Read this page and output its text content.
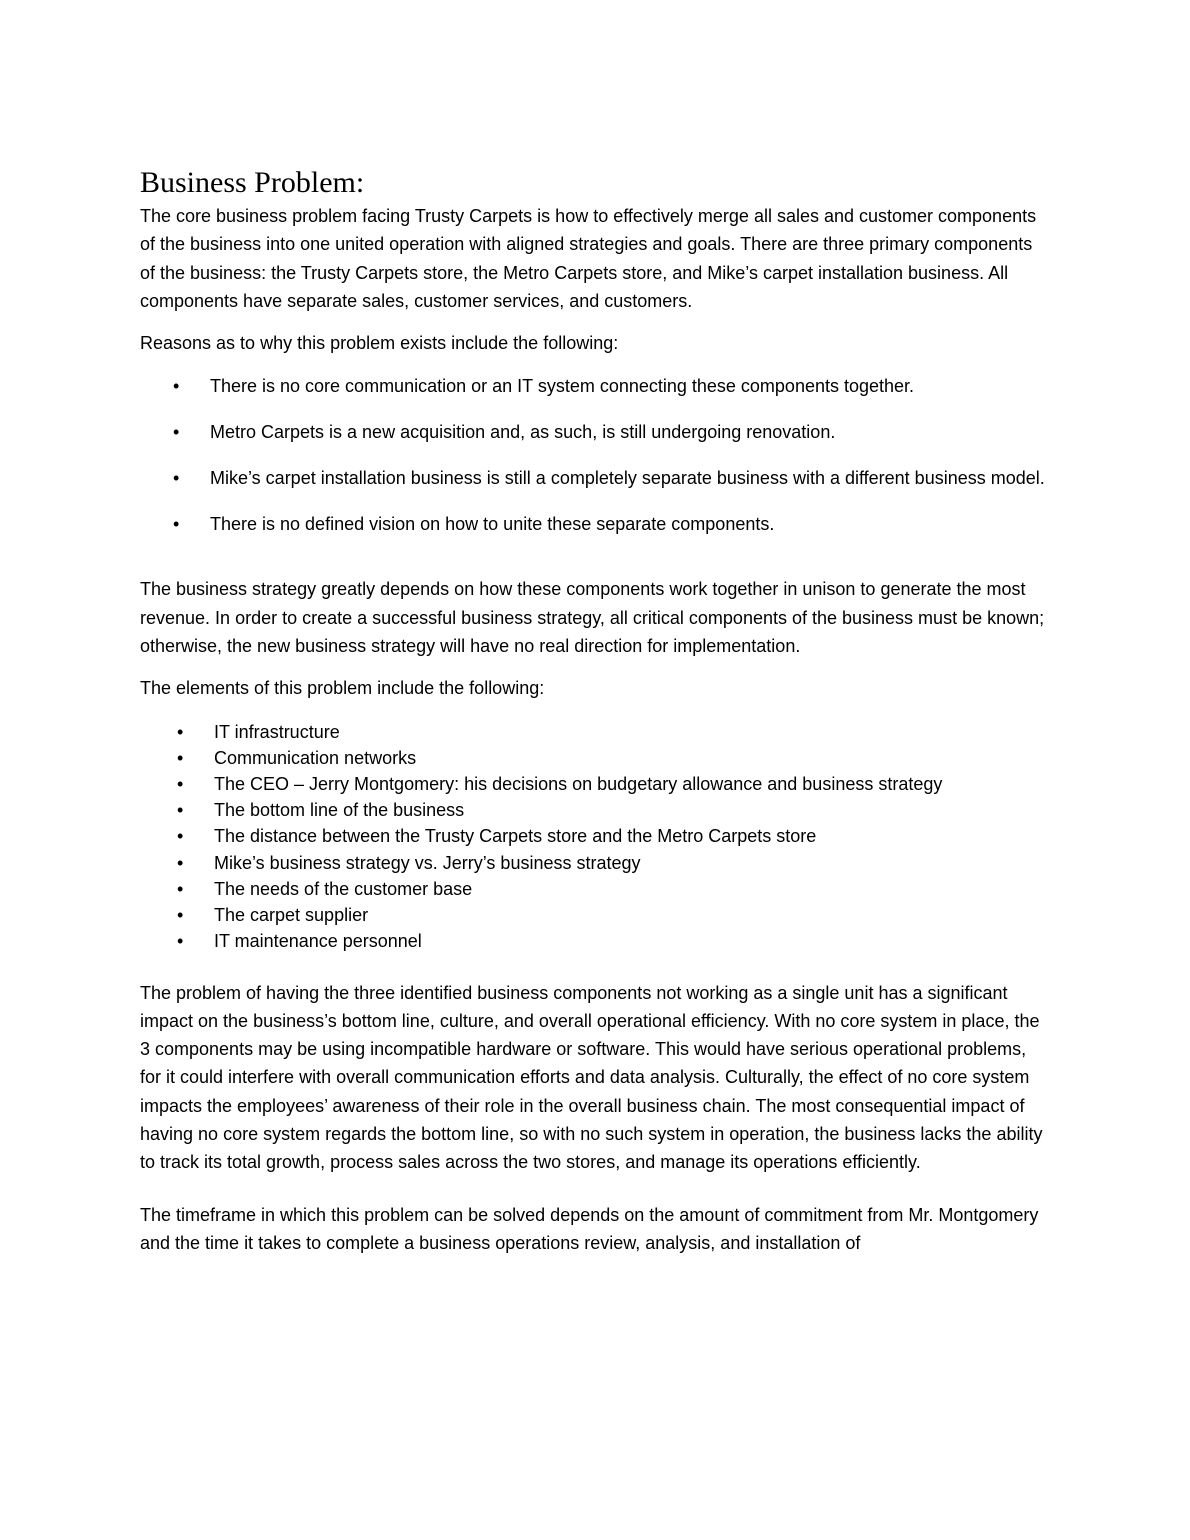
Business Problem:

The core business problem facing Trusty Carpets is how to effectively merge all sales and customer components of the business into one united operation with aligned strategies and goals. There are three primary components of the business: the Trusty Carpets store, the Metro Carpets store, and Mike’s carpet installation business. All components have separate sales, customer services, and customers.

Reasons as to why this problem exists include the following:

• There is no core communication or an IT system connecting these components together.
• Metro Carpets is a new acquisition and, as such, is still undergoing renovation.
• Mike’s carpet installation business is still a completely separate business with a different business model.
• There is no defined vision on how to unite these separate components.

The business strategy greatly depends on how these components work together in unison to generate the most revenue. In order to create a successful business strategy, all critical components of the business must be known; otherwise, the new business strategy will have no real direction for implementation.

The elements of this problem include the following:

• IT infrastructure
• Communication networks
• The CEO – Jerry Montgomery: his decisions on budgetary allowance and business strategy
• The bottom line of the business
• The distance between the Trusty Carpets store and the Metro Carpets store
• Mike’s business strategy vs. Jerry’s business strategy
• The needs of the customer base
• The carpet supplier
• IT maintenance personnel

The problem of having the three identified business components not working as a single unit has a significant impact on the business’s bottom line, culture, and overall operational efficiency. With no core system in place, the 3 components may be using incompatible hardware or software. This would have serious operational problems, for it could interfere with overall communication efforts and data analysis. Culturally, the effect of no core system impacts the employees’ awareness of their role in the overall business chain. The most consequential impact of having no core system regards the bottom line, so with no such system in operation, the business lacks the ability to track its total growth, process sales across the two stores, and manage its operations efficiently.

The timeframe in which this problem can be solved depends on the amount of commitment from Mr. Montgomery and the time it takes to complete a business operations review, analysis, and installation of
